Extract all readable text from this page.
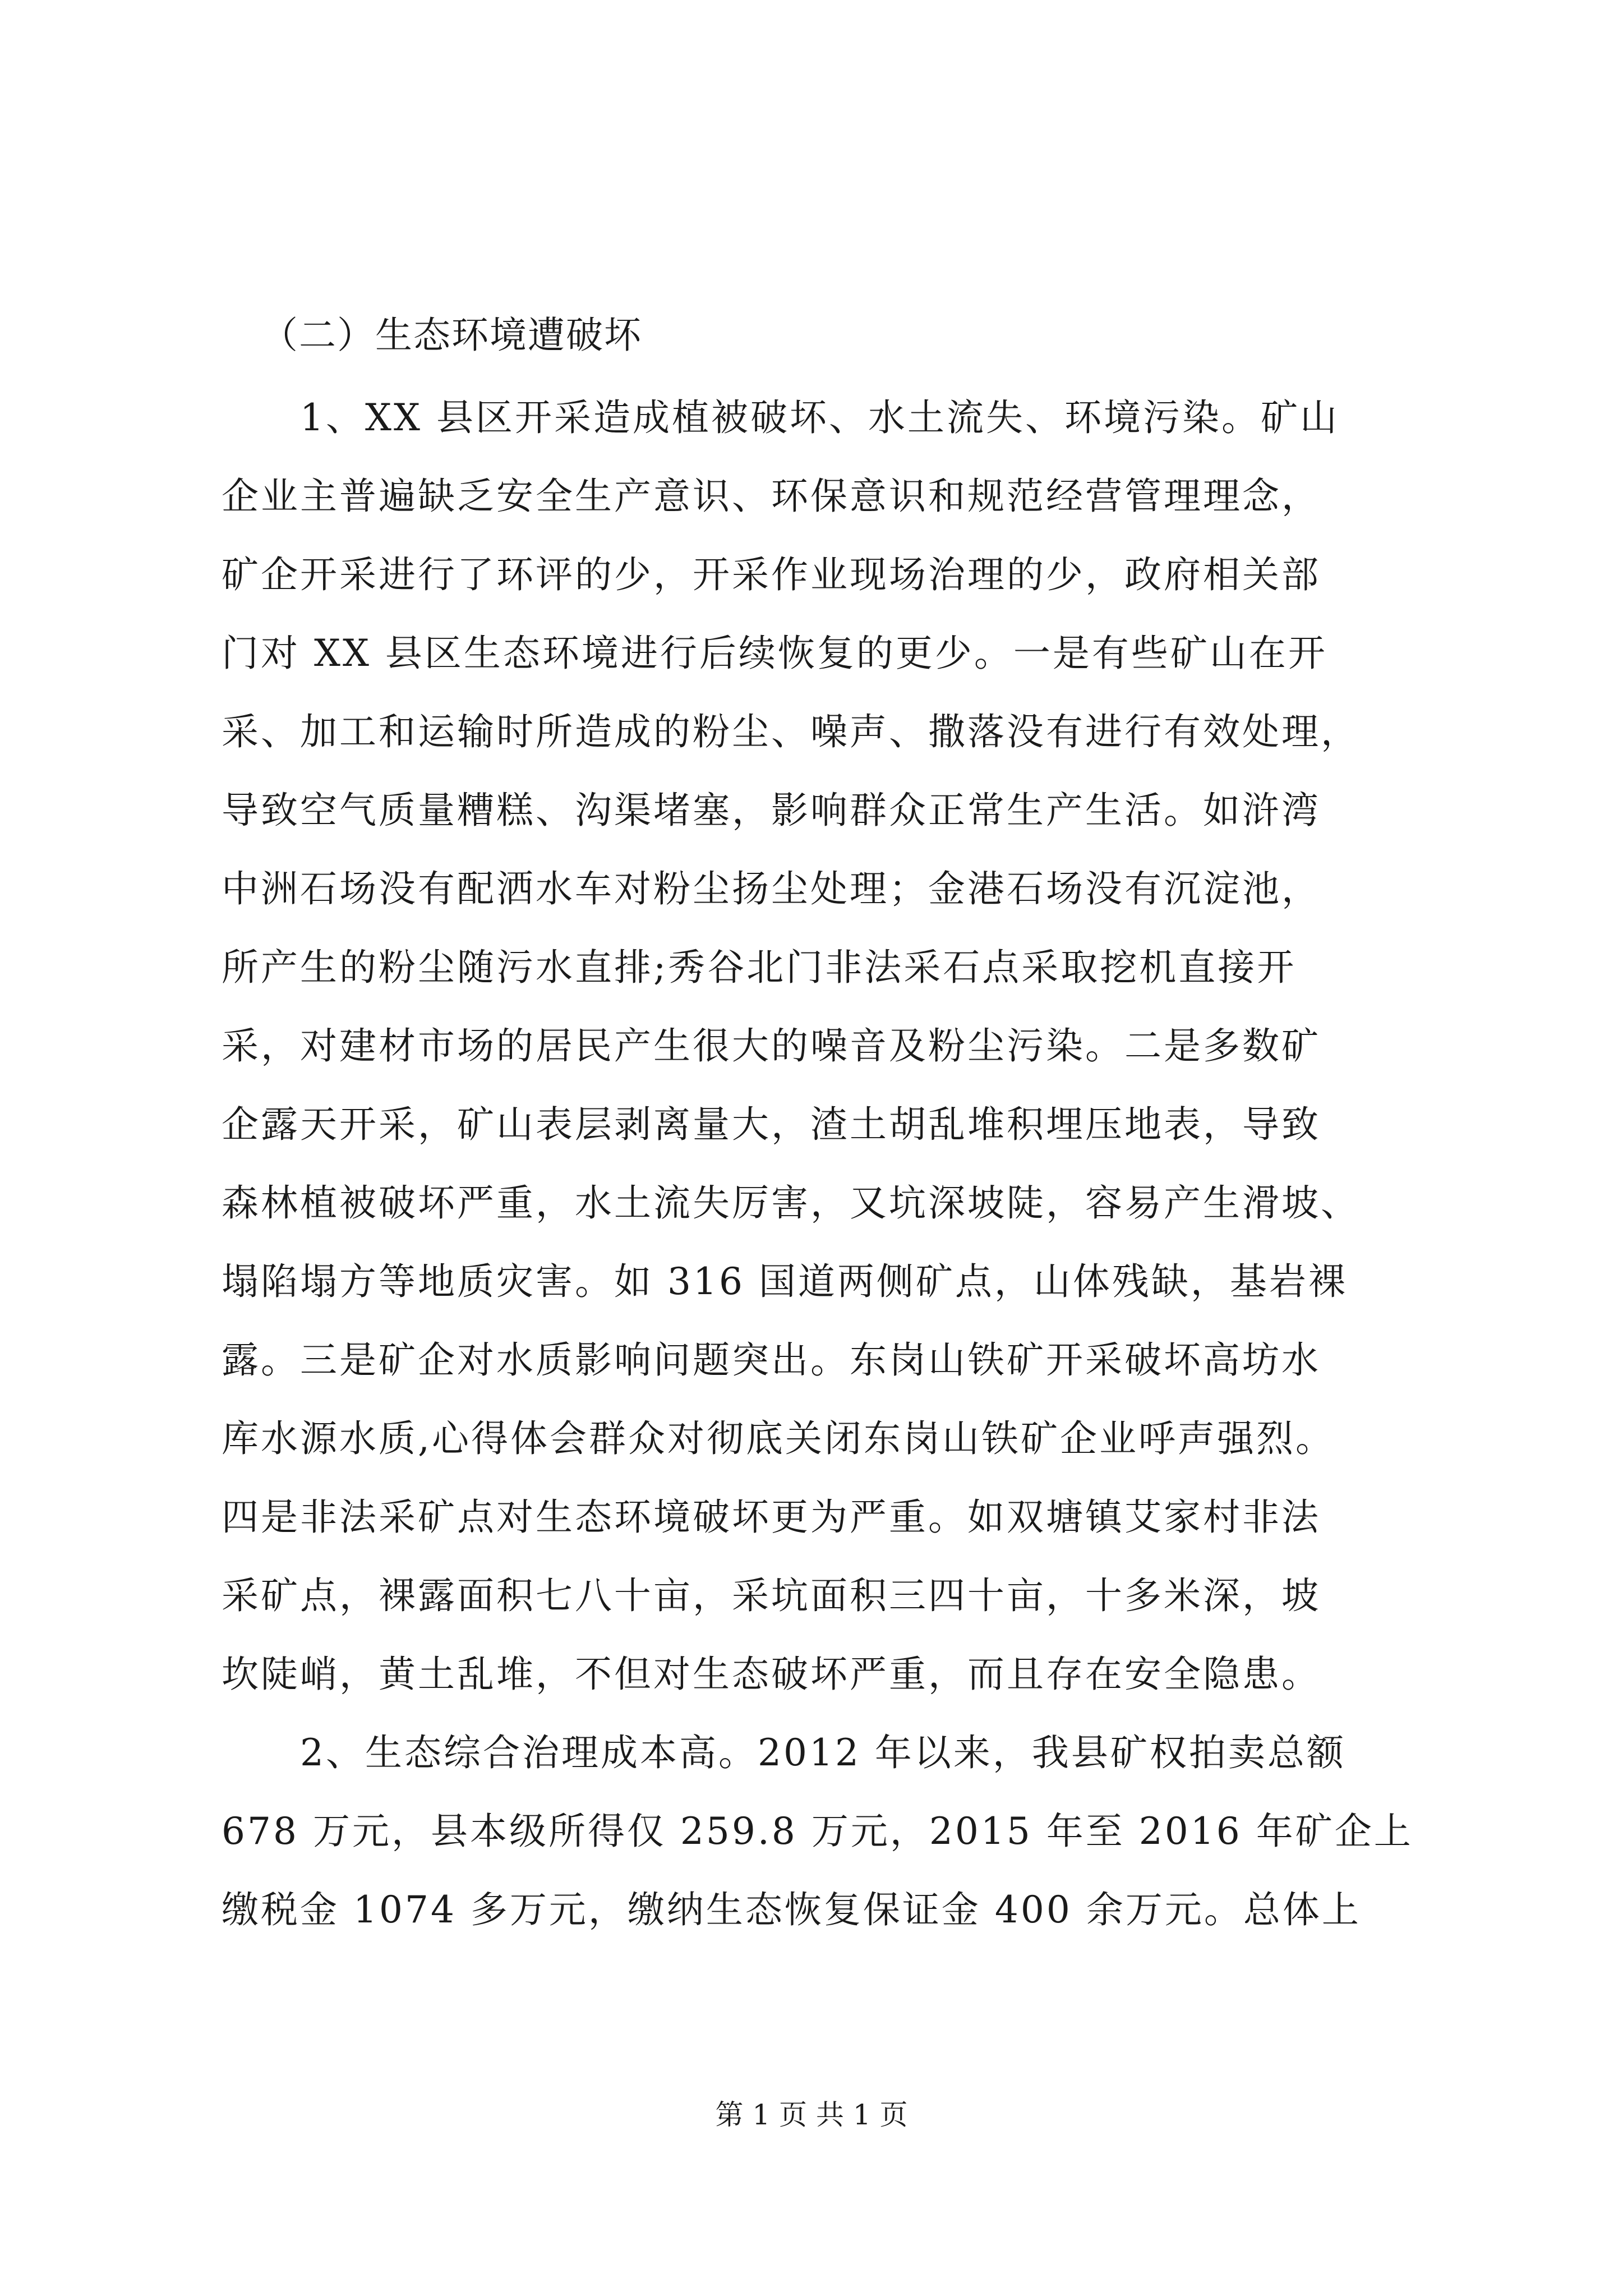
（二）生态环境遭破坏
1、XX 县区开采造成植被破坏、水土流失、环境污染。矿山
企业主普遍缺乏安全生产意识、环保意识和规范经营管理理念，
矿企开采进行了环评的少，开采作业现场治理的少，政府相关部
门对 XX 县区生态环境进行后续恢复的更少。一是有些矿山在开
采、加工和运输时所造成的粉尘、噪声、撒落没有进行有效处理，
导致空气质量糟糕、沟渠堵塞，影响群众正常生产生活。如浒湾
中洲石场没有配洒水车对粉尘扬尘处理；金港石场没有沉淀池，
所产生的粉尘随污水直排;秀谷北门非法采石点采取挖机直接开
采，对建材市场的居民产生很大的噪音及粉尘污染。二是多数矿
企露天开采，矿山表层剥离量大，渣土胡乱堆积埋压地表，导致
森林植被破坏严重，水土流失厉害，又坑深坡陡，容易产生滑坡、
塌陷塌方等地质灾害。如 316 国道两侧矿点，山体残缺，基岩裸
露。三是矿企对水质影响问题突出。东岗山铁矿开采破坏高坊水
库水源水质,心得体会群众对彻底关闭东岗山铁矿企业呼声强烈。
四是非法采矿点对生态环境破坏更为严重。如双塘镇艾家村非法
采矿点，裸露面积七八十亩，采坑面积三四十亩，十多米深，坡
坎陡峭，黄土乱堆，不但对生态破坏严重，而且存在安全隐患。
2、生态综合治理成本高。2012 年以来，我县矿权拍卖总额
678 万元，县本级所得仅 259.8 万元，2015 年至 2016 年矿企上
缴税金 1074 多万元，缴纳生态恢复保证金 400 余万元。总体上
第 1 页 共 1 页
